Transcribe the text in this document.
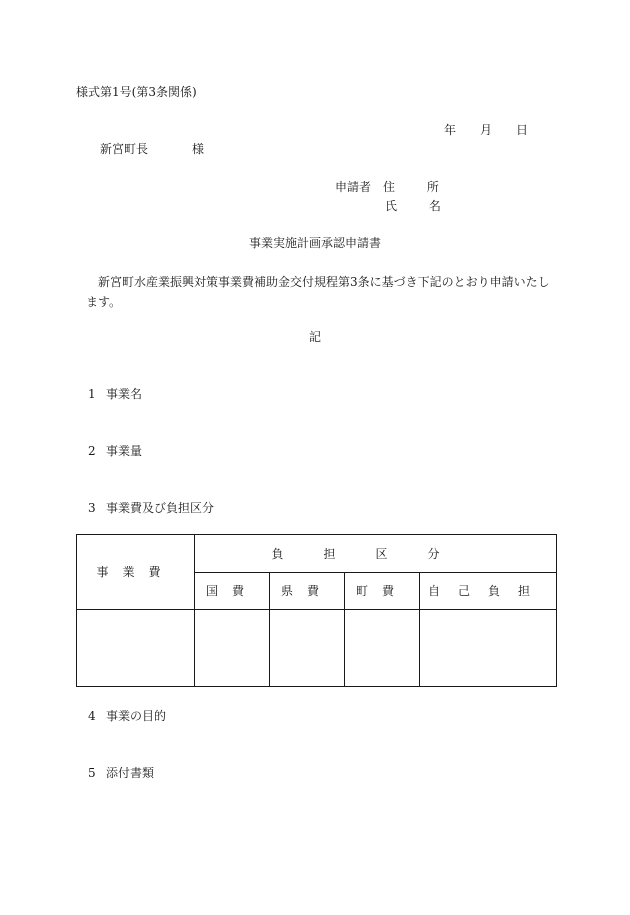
様式第1号(第3条関係)
年 月 日
新宮町長	様
申請者 住 所
氏 名
事業実施計画承認申請書
新宮町水産業振興対策事業費補助金交付規程第3条に基づき下記のとおり申請いたします。
記
1 事業名
2 事業量
3 事業費及び負担区分
事業費	負担区分			
	国費	県費	町費	自己負担

4 事業の目的
5 添付書類
